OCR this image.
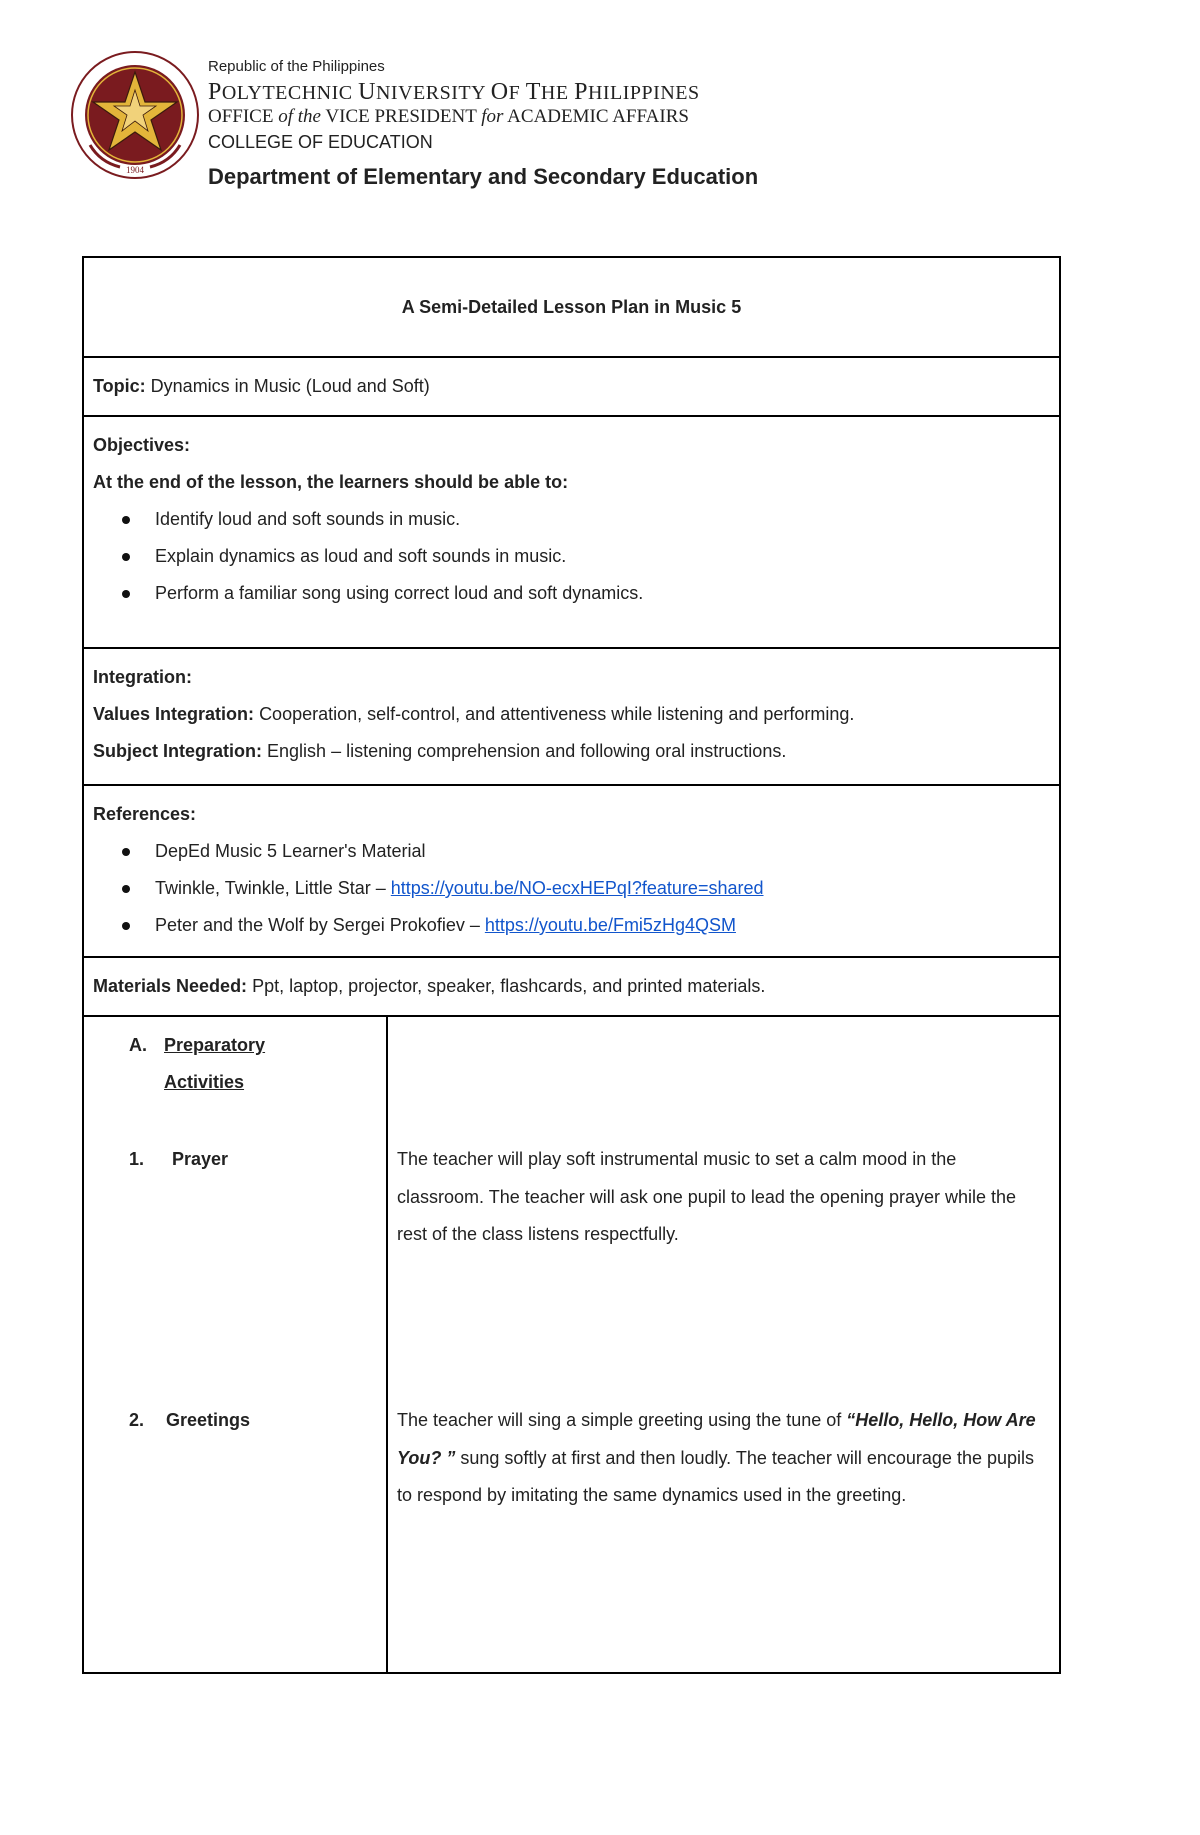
1904
Republic of the Philippines
POLYTECHNIC UNIVERSITY OF THE PHILIPPINES
OFFICE of the VICE PRESIDENT for ACADEMIC AFFAIRS
COLLEGE OF EDUCATION
Department of Elementary and Secondary Education
A Semi-Detailed Lesson Plan in Music 5
Topic: Dynamics in Music (Loud and Soft)
Objectives:
At the end of the lesson, the learners should be able to:
Identify loud and soft sounds in music.
Explain dynamics as loud and soft sounds in music.
Perform a familiar song using correct loud and soft dynamics.
Integration:
Values Integration: Cooperation, self-control, and attentiveness while listening and performing.
Subject Integration: English – listening comprehension and following oral instructions.
References:
DepEd Music 5 Learner's Material
Twinkle, Twinkle, Little Star – https://youtu.be/NO-ecxHEPqI?feature=shared
Peter and the Wolf by Sergei Prokofiev – https://youtu.be/Fmi5zHg4QSM
Materials Needed: Ppt, laptop, projector, speaker, flashcards, and printed materials.
A. Preparatory Activities
1.	Prayer
2.	Greetings
The teacher will play soft instrumental music to set a calm mood in the classroom. The teacher will ask one pupil to lead the opening prayer while the rest of the class listens respectfully.
The teacher will sing a simple greeting using the tune of “Hello, Hello, How Are You? ” sung softly at first and then loudly. The teacher will encourage the pupils to respond by imitating the same dynamics used in the greeting.
